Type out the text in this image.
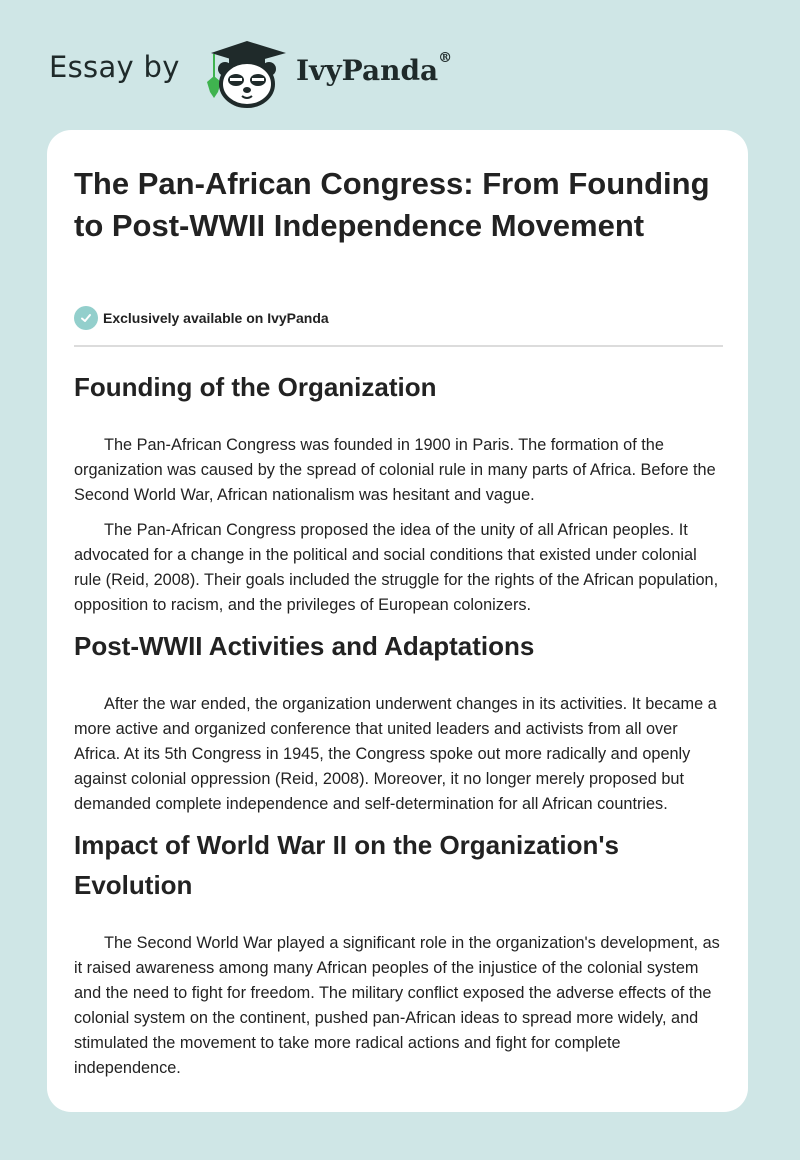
Essay by	IvyPanda®
The Pan-African Congress: From Founding to Post-WWII Independence Movement
Exclusively available on IvyPanda
Founding of the Organization

The Pan-African Congress was founded in 1900 in Paris. The formation of the organization was caused by the spread of colonial rule in many parts of Africa. Before the Second World War, African nationalism was hesitant and vague.

The Pan-African Congress proposed the idea of the unity of all African peoples. It advocated for a change in the political and social conditions that existed under colonial rule (Reid, 2008). Their goals included the struggle for the rights of the African population, opposition to racism, and the privileges of European colonizers.

Post-WWII Activities and Adaptations

After the war ended, the organization underwent changes in its activities. It became a more active and organized conference that united leaders and activists from all over Africa. At its 5th Congress in 1945, the Congress spoke out more radically and openly against colonial oppression (Reid, 2008). Moreover, it no longer merely proposed but demanded complete independence and self-determination for all African countries.

Impact of World War II on the Organization's Evolution

The Second World War played a significant role in the organization's development, as it raised awareness among many African peoples of the injustice of the colonial system and the need to fight for freedom. The military conflict exposed the adverse effects of the colonial system on the continent, pushed pan-African ideas to spread more widely, and stimulated the movement to take more radical actions and fight for complete independence.
